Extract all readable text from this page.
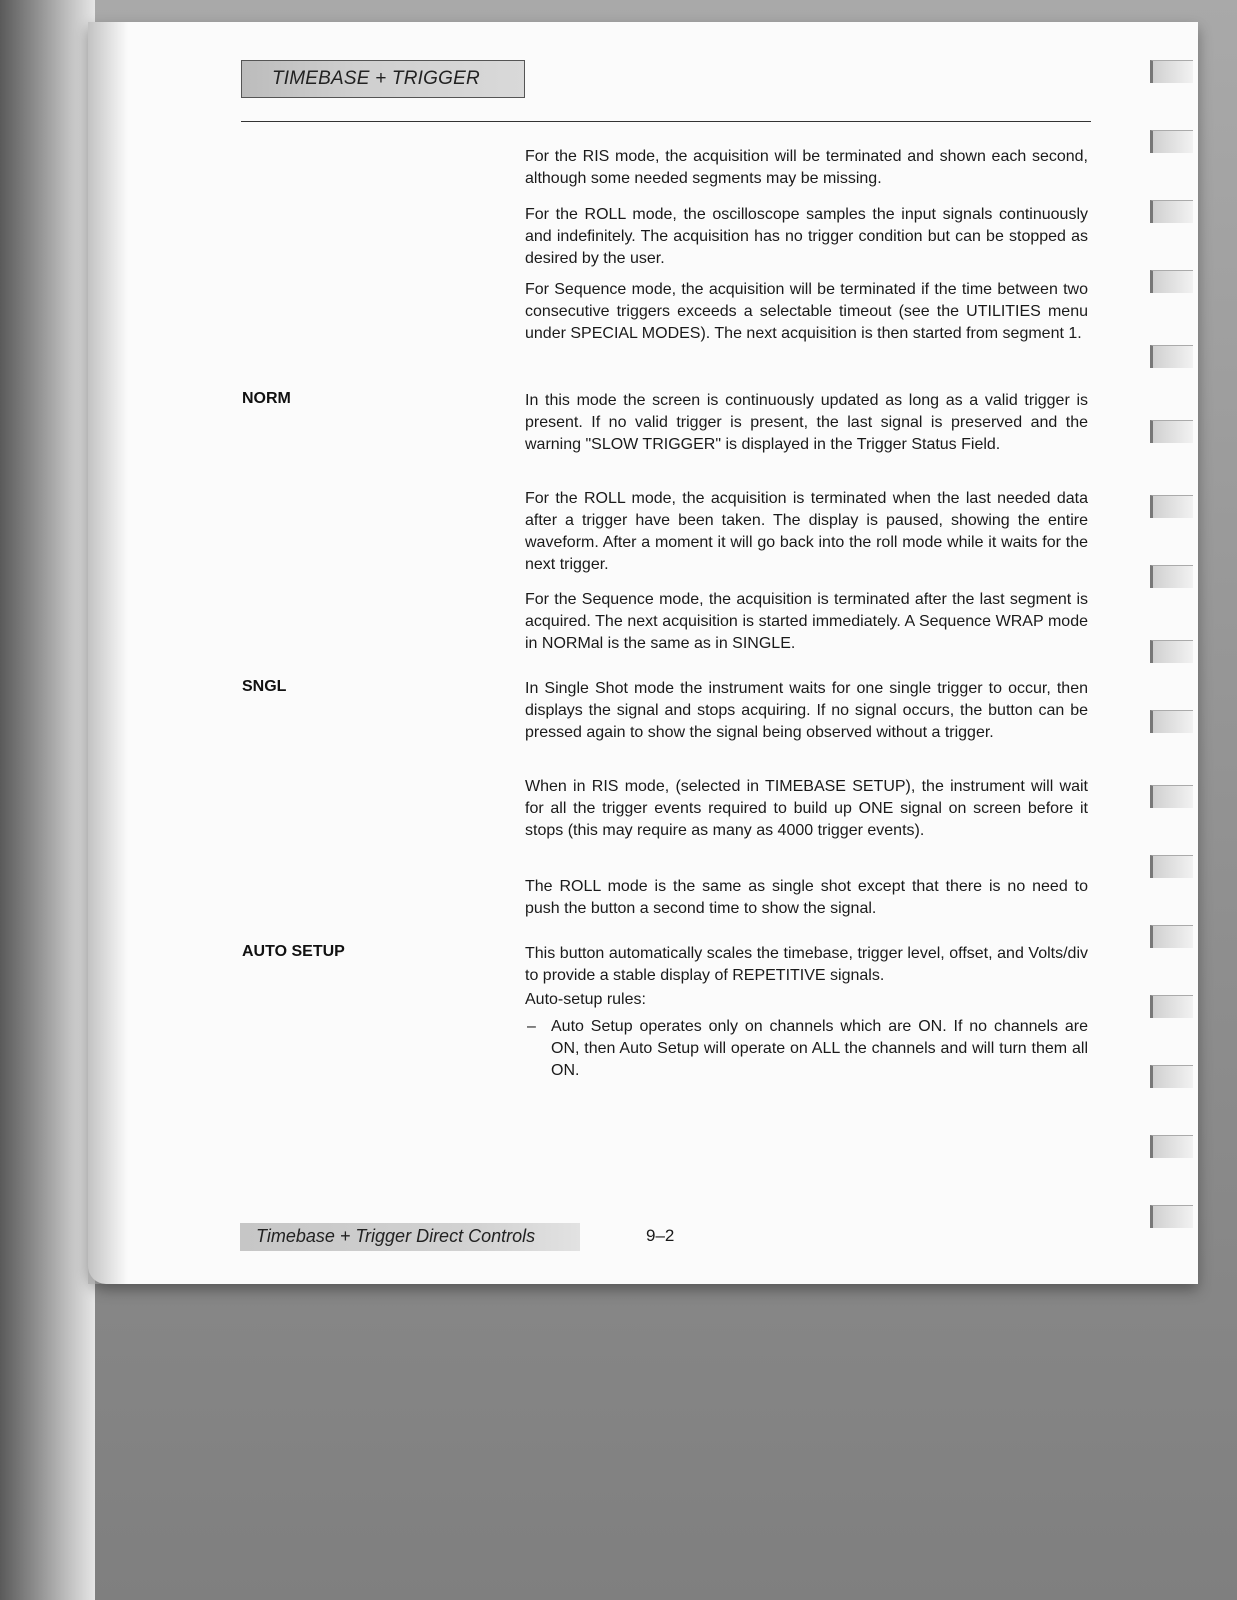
TIMEBASE + TRIGGER

For the RIS mode, the acquisition will be terminated and shown each second, although some needed segments may be missing.

For the ROLL mode, the oscilloscope samples the input signals continuously and indefinitely. The acquisition has no trigger condition but can be stopped as desired by the user.

For Sequence mode, the acquisition will be terminated if the time between two consecutive triggers exceeds a selectable timeout (see the UTILITIES menu under SPECIAL MODES). The next acquisition is then started from segment 1.

NORM	In this mode the screen is continuously updated as long as a valid trigger is present. If no valid trigger is present, the last signal is preserved and the warning "SLOW TRIGGER" is displayed in the Trigger Status Field.

For the ROLL mode, the acquisition is terminated when the last needed data after a trigger have been taken. The display is paused, showing the entire waveform. After a moment it will go back into the roll mode while it waits for the next trigger.

For the Sequence mode, the acquisition is terminated after the last segment is acquired. The next acquisition is started immediately. A Sequence WRAP mode in NORMal is the same as in SINGLE.

SNGL	In Single Shot mode the instrument waits for one single trigger to occur, then displays the signal and stops acquiring. If no signal occurs, the button can be pressed again to show the signal being observed without a trigger.

When in RIS mode, (selected in TIMEBASE SETUP), the instrument will wait for all the trigger events required to build up ONE signal on screen before it stops (this may require as many as 4000 trigger events).

The ROLL mode is the same as single shot except that there is no need to push the button a second time to show the signal.

AUTO SETUP	This button automatically scales the timebase, trigger level, offset, and Volts/div to provide a stable display of REPETITIVE signals.

Auto-setup rules:

– Auto Setup operates only on channels which are ON. If no channels are ON, then Auto Setup will operate on ALL the channels and will turn them all ON.
Timebase + Trigger Direct Controls	9–2
